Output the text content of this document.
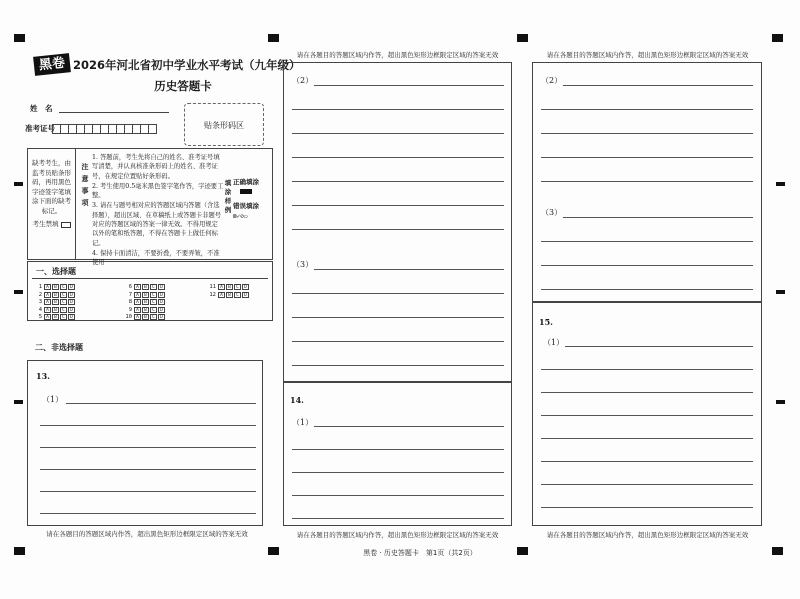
黑卷 2026年河北省初中学业水平考试（九年级）
历史答题卡
姓　名
准考证号	贴条形码区
缺考考生，由监考员贴条形码，再用黑色字迹签字笔填涂下面的缺考标记。
考生禁填
注意事项
1. 答题前，考生先将自己的姓名、准考证号填写清楚，并认真核准条形码上的姓名、准考证号，在规定位置贴好条形码。
2. 考生使用0.5毫米黑色签字笔作答，字迹要工整。
3. 请在与题号相对应的答题区域内答题（含选择题），超出区域、在草稿纸上或答题卡非题号对应的答题区域的答案一律无效。不得用规定以外的笔和纸答题，不得在答题卡上做任何标记。
4. 保持卡面清洁，不要折叠，不要弄皱，不准使用
填涂样例
正确填涂
错误填涂
⊠✓⊘▭
一、选择题
1 A	B	C	D
2 A	B	C	D
3 A	B	C	D
4 A	B	C	D
5 A	B	C	D
6 A	B	C	D
7 A	B	C	D
8 A	B	C	D
9 A	B	C	D
10 A	B	C	D
11 A	B	C	D
12 A	B	C	D
二、非选择题
13.
（1）
请在各题目的答题区域内作答，超出黑色矩形边框限定区域的答案无效
请在各题目的答题区域内作答，超出黑色矩形边框限定区域的答案无效
（2）
（3）
14.
（1）
请在各题目的答题区域内作答，超出黑色矩形边框限定区域的答案无效
请在各题目的答题区域内作答，超出黑色矩形边框限定区域的答案无效
（2）
（3）
15.
（1）
请在各题目的答题区域内作答，超出黑色矩形边框限定区域的答案无效
黑卷 · 历史答题卡　第1页（共2页）
